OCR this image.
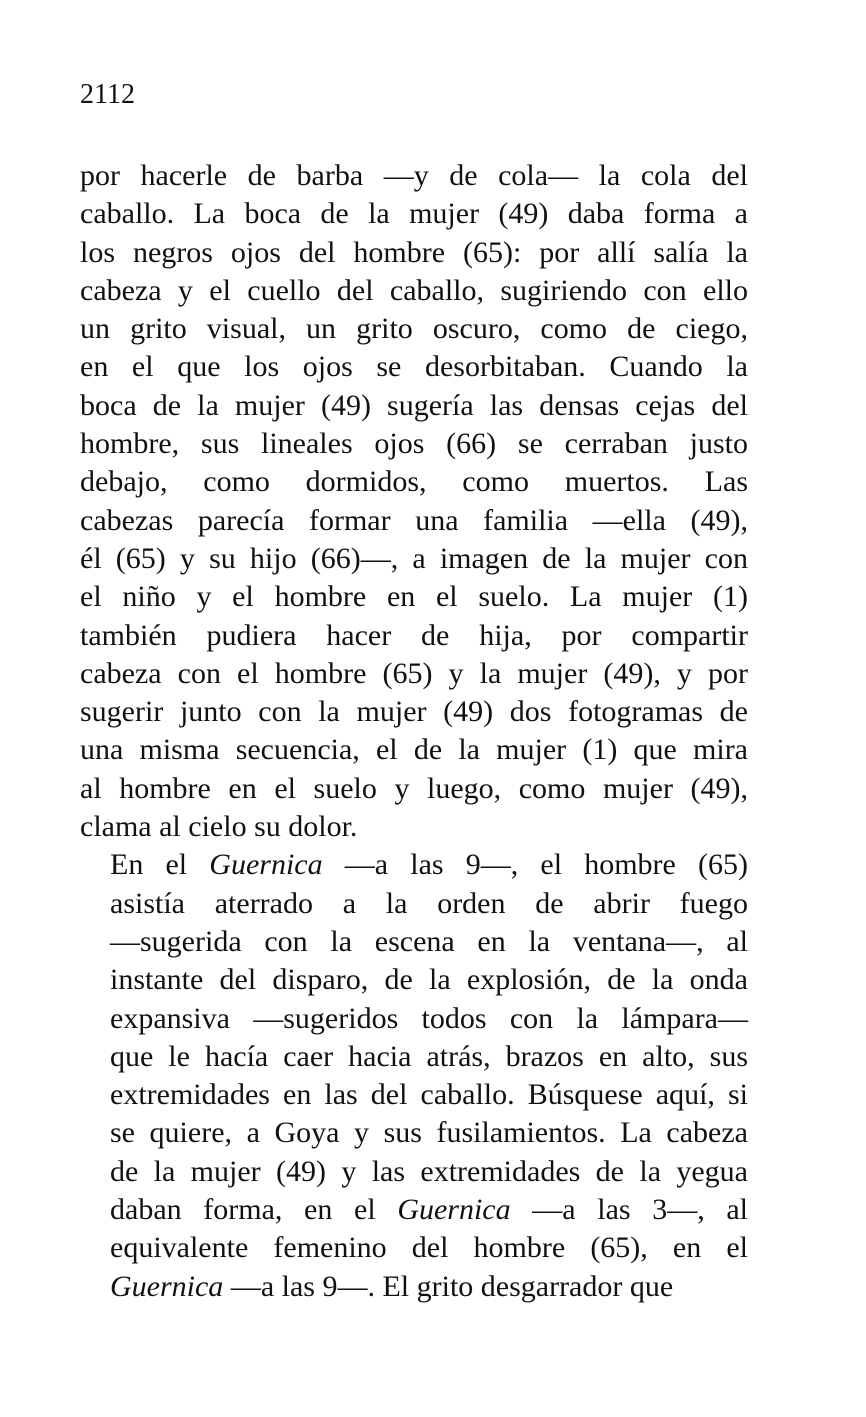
2112

por hacerle de barba —y de cola— la cola del
caballo. La boca de la mujer (49) daba forma a
los negros ojos del hombre (65): por allí salía la
cabeza y el cuello del caballo, sugiriendo con ello
un grito visual, un grito oscuro, como de ciego,
en el que los ojos se desorbitaban. Cuando la
boca de la mujer (49) sugería las densas cejas del
hombre, sus lineales ojos (66) se cerraban justo
debajo, como dormidos, como muertos. Las
cabezas parecía formar una familia —ella (49),
él (65) y su hijo (66)—, a imagen de la mujer con
el niño y el hombre en el suelo. La mujer (1)
también pudiera hacer de hija, por compartir
cabeza con el hombre (65) y la mujer (49), y por
sugerir junto con la mujer (49) dos fotogramas de
una misma secuencia, el de la mujer (1) que mira
al hombre en el suelo y luego, como mujer (49),
clama al cielo su dolor.

En el Guernica —a las 9—, el hombre (65)
asistía aterrado a la orden de abrir fuego
—sugerida con la escena en la ventana—, al
instante del disparo, de la explosión, de la onda
expansiva —sugeridos todos con la lámpara—
que le hacía caer hacia atrás, brazos en alto, sus
extremidades en las del caballo. Búsquese aquí, si
se quiere, a Goya y sus fusilamientos. La cabeza
de la mujer (49) y las extremidades de la yegua
daban forma, en el Guernica —a las 3—, al
equivalente femenino del hombre (65), en el
Guernica —a las 9—. El grito desgarrador que
